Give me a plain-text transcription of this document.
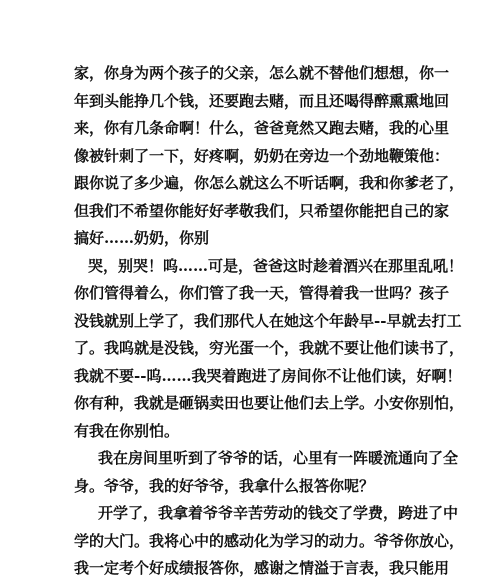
家，你身为两个孩子的父亲，怎么就不替他们想想，你一
年到头能挣几个钱，还要跑去赌，而且还喝得醉熏熏地回
来，你有几条命啊！什么，爸爸竟然又跑去赌，我的心里
像被针刺了一下，好疼啊，奶奶在旁边一个劲地鞭策他：
跟你说了多少遍，你怎么就这么不听话啊，我和你爹老了，
但我们不希望你能好好孝敬我们，只希望你能把自己的家
搞好……奶奶，你别
哭，别哭！呜……可是，爸爸这时趁着酒兴在那里乱吼！
你们管得着么，你们管了我一天，管得着我一世吗？孩子
没钱就别上学了，我们那代人在她这个年龄早--早就去打工
了。我呜就是没钱，穷光蛋一个，我就不要让他们读书了，
我就不要--呜……我哭着跑进了房间你不让他们读，好啊！
你有种，我就是砸锅卖田也要让他们去上学。小安你别怕，
有我在你别怕。
我在房间里听到了爷爷的话，心里有一阵暖流通向了全
身。爷爷，我的好爷爷，我拿什么报答你呢？
开学了，我拿着爷爷辛苦劳动的钱交了学费，跨进了中
学的大门。我将心中的感动化为学习的动力。爷爷你放心，
我一定考个好成绩报答你，感谢之情溢于言表，我只能用
